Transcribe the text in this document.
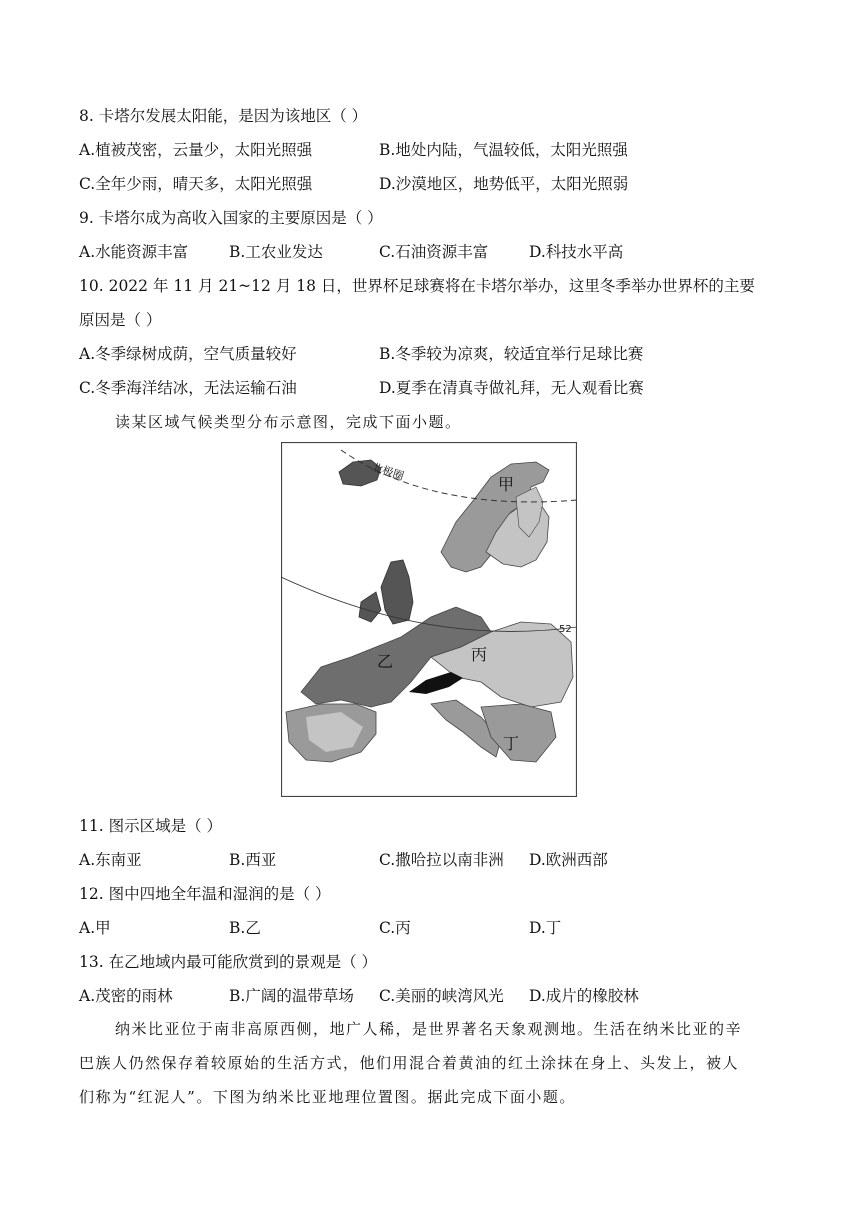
8. 卡塔尔发展太阳能，是因为该地区（ ）
A.植被茂密，云量少，太阳光照强	B.地处内陆，气温较低，太阳光照强
C.全年少雨，晴天多，太阳光照强	D.沙漠地区，地势低平，太阳光照弱
9. 卡塔尔成为高收入国家的主要原因是（ ）
A.水能资源丰富	B.工农业发达	C.石油资源丰富	D.科技水平高
10. 2022 年 11 月 21~12 月 18 日，世界杯足球赛将在卡塔尔举办，这里冬季举办世界杯的主要
原因是（ ）
A.冬季绿树成荫，空气质量较好	B.冬季较为凉爽，较适宜举行足球比赛
C.冬季海洋结冰，无法运输石油	D.夏季在清真寺做礼拜，无人观看比赛
读某区域气候类型分布示意图，完成下面小题。
北极圈
52
甲
乙	丙
丁
11. 图示区域是（ ）
A.东南亚	B.西亚	C.撒哈拉以南非洲 D.欧洲西部
12. 图中四地全年温和湿润的是（ ）
A.甲	B.乙	C.丙	D.丁
13. 在乙地域内最可能欣赏到的景观是（ ）
A.茂密的雨林	B.广阔的温带草场 C.美丽的峡湾风光 D.成片的橡胶林
纳米比亚位于南非高原西侧，地广人稀，是世界著名天象观测地。生活在纳米比亚的辛
巴族人仍然保存着较原始的生活方式，他们用混合着黄油的红土涂抹在身上、头发上，被人
们称为“红泥人”。下图为纳米比亚地理位置图。据此完成下面小题。
